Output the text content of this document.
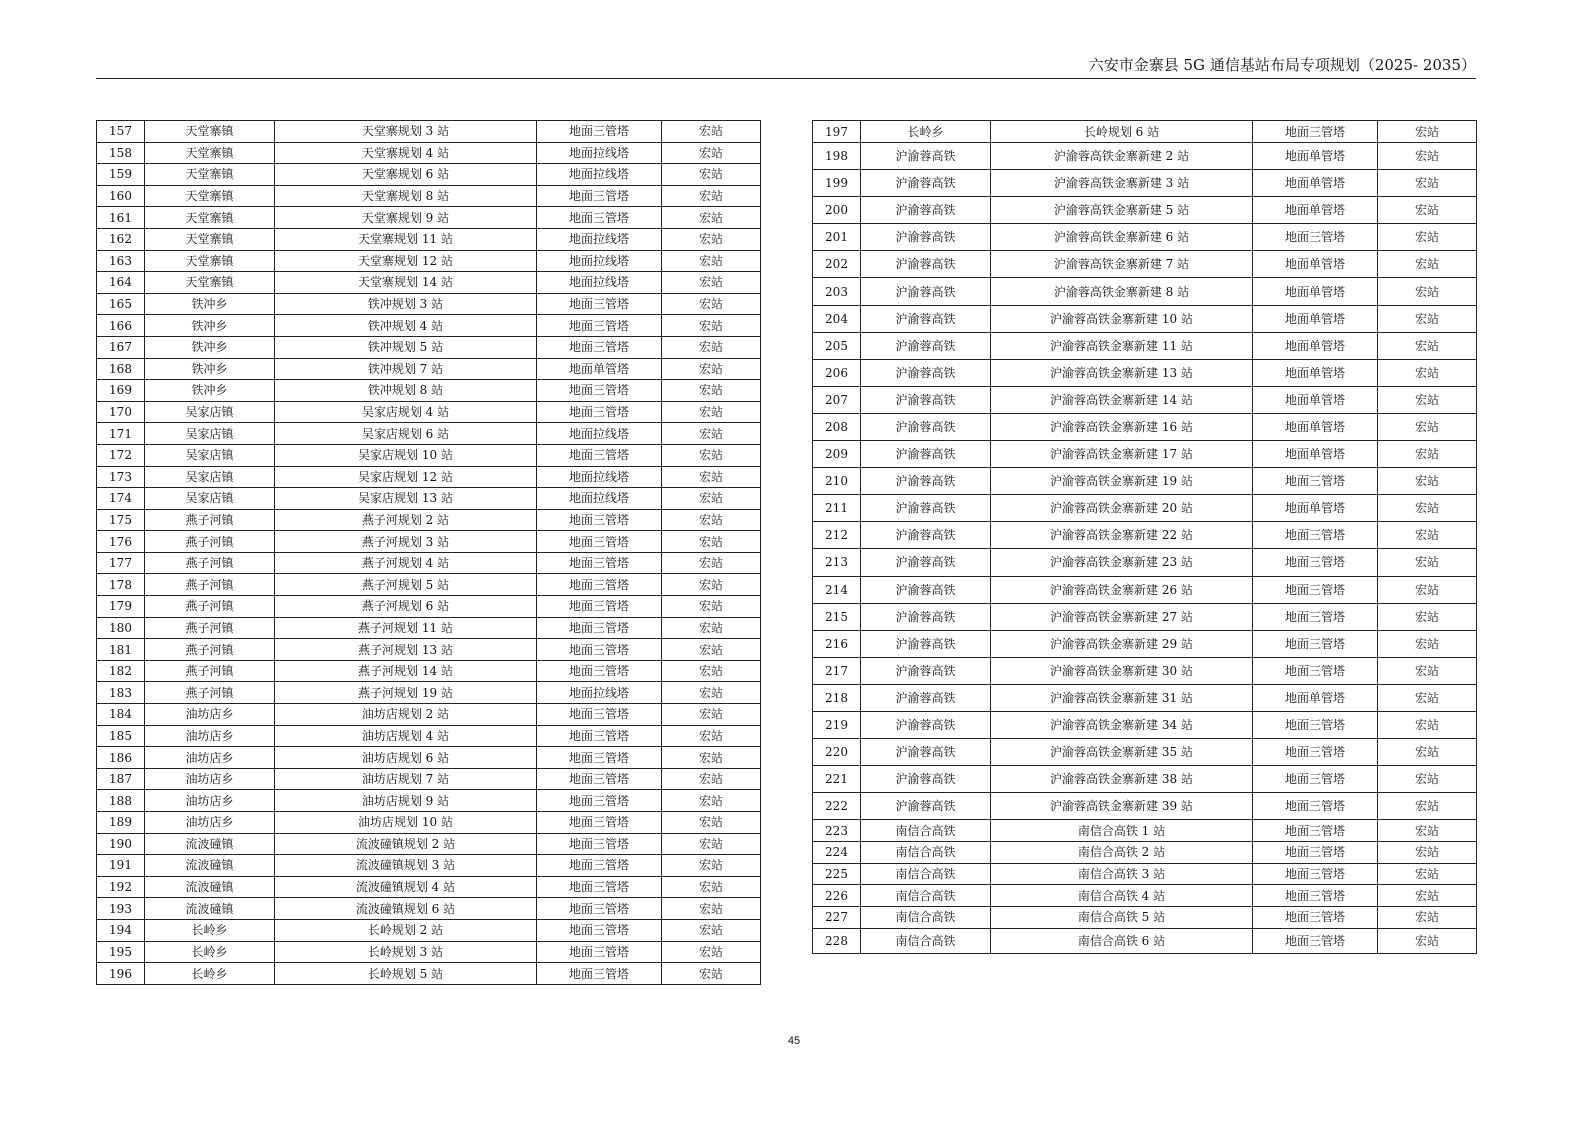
六安市金寨县 5G 通信基站布局专项规划（2025- 2035）
157	天堂寨镇	天堂寨规划 3 站	地面三管塔	宏站
158	天堂寨镇	天堂寨规划 4 站	地面拉线塔	宏站
159	天堂寨镇	天堂寨规划 6 站	地面拉线塔	宏站
160	天堂寨镇	天堂寨规划 8 站	地面三管塔	宏站
161	天堂寨镇	天堂寨规划 9 站	地面三管塔	宏站
162	天堂寨镇	天堂寨规划 11 站	地面拉线塔	宏站
163	天堂寨镇	天堂寨规划 12 站	地面拉线塔	宏站
164	天堂寨镇	天堂寨规划 14 站	地面拉线塔	宏站
165	铁冲乡	铁冲规划 3 站	地面三管塔	宏站
166	铁冲乡	铁冲规划 4 站	地面三管塔	宏站
167	铁冲乡	铁冲规划 5 站	地面三管塔	宏站
168	铁冲乡	铁冲规划 7 站	地面单管塔	宏站
169	铁冲乡	铁冲规划 8 站	地面三管塔	宏站
170	吴家店镇	吴家店规划 4 站	地面三管塔	宏站
171	吴家店镇	吴家店规划 6 站	地面拉线塔	宏站
172	吴家店镇	吴家店规划 10 站	地面三管塔	宏站
173	吴家店镇	吴家店规划 12 站	地面拉线塔	宏站
174	吴家店镇	吴家店规划 13 站	地面拉线塔	宏站
175	燕子河镇	燕子河规划 2 站	地面三管塔	宏站
176	燕子河镇	燕子河规划 3 站	地面三管塔	宏站
177	燕子河镇	燕子河规划 4 站	地面三管塔	宏站
178	燕子河镇	燕子河规划 5 站	地面三管塔	宏站
179	燕子河镇	燕子河规划 6 站	地面三管塔	宏站
180	燕子河镇	燕子河规划 11 站	地面三管塔	宏站
181	燕子河镇	燕子河规划 13 站	地面三管塔	宏站
182	燕子河镇	燕子河规划 14 站	地面三管塔	宏站
183	燕子河镇	燕子河规划 19 站	地面拉线塔	宏站
184	油坊店乡	油坊店规划 2 站	地面三管塔	宏站
185	油坊店乡	油坊店规划 4 站	地面三管塔	宏站
186	油坊店乡	油坊店规划 6 站	地面三管塔	宏站
187	油坊店乡	油坊店规划 7 站	地面三管塔	宏站
188	油坊店乡	油坊店规划 9 站	地面三管塔	宏站
189	油坊店乡	油坊店规划 10 站	地面三管塔	宏站
190	流波䃥镇	流波䃥镇规划 2 站	地面三管塔	宏站
191	流波䃥镇	流波䃥镇规划 3 站	地面三管塔	宏站
192	流波䃥镇	流波䃥镇规划 4 站	地面三管塔	宏站
193	流波䃥镇	流波䃥镇规划 6 站	地面三管塔	宏站
194	长岭乡	长岭规划 2 站	地面三管塔	宏站
195	长岭乡	长岭规划 3 站	地面三管塔	宏站
196	长岭乡	长岭规划 5 站	地面三管塔	宏站
197	长岭乡	长岭规划 6 站	地面三管塔	宏站
198	沪渝蓉高铁	沪渝蓉高铁金寨新建 2 站	地面单管塔	宏站
199	沪渝蓉高铁	沪渝蓉高铁金寨新建 3 站	地面单管塔	宏站
200	沪渝蓉高铁	沪渝蓉高铁金寨新建 5 站	地面单管塔	宏站
201	沪渝蓉高铁	沪渝蓉高铁金寨新建 6 站	地面三管塔	宏站
202	沪渝蓉高铁	沪渝蓉高铁金寨新建 7 站	地面单管塔	宏站
203	沪渝蓉高铁	沪渝蓉高铁金寨新建 8 站	地面单管塔	宏站
204	沪渝蓉高铁	沪渝蓉高铁金寨新建 10 站	地面单管塔	宏站
205	沪渝蓉高铁	沪渝蓉高铁金寨新建 11 站	地面单管塔	宏站
206	沪渝蓉高铁	沪渝蓉高铁金寨新建 13 站	地面单管塔	宏站
207	沪渝蓉高铁	沪渝蓉高铁金寨新建 14 站	地面单管塔	宏站
208	沪渝蓉高铁	沪渝蓉高铁金寨新建 16 站	地面单管塔	宏站
209	沪渝蓉高铁	沪渝蓉高铁金寨新建 17 站	地面单管塔	宏站
210	沪渝蓉高铁	沪渝蓉高铁金寨新建 19 站	地面三管塔	宏站
211	沪渝蓉高铁	沪渝蓉高铁金寨新建 20 站	地面单管塔	宏站
212	沪渝蓉高铁	沪渝蓉高铁金寨新建 22 站	地面三管塔	宏站
213	沪渝蓉高铁	沪渝蓉高铁金寨新建 23 站	地面三管塔	宏站
214	沪渝蓉高铁	沪渝蓉高铁金寨新建 26 站	地面三管塔	宏站
215	沪渝蓉高铁	沪渝蓉高铁金寨新建 27 站	地面三管塔	宏站
216	沪渝蓉高铁	沪渝蓉高铁金寨新建 29 站	地面三管塔	宏站
217	沪渝蓉高铁	沪渝蓉高铁金寨新建 30 站	地面三管塔	宏站
218	沪渝蓉高铁	沪渝蓉高铁金寨新建 31 站	地面单管塔	宏站
219	沪渝蓉高铁	沪渝蓉高铁金寨新建 34 站	地面三管塔	宏站
220	沪渝蓉高铁	沪渝蓉高铁金寨新建 35 站	地面三管塔	宏站
221	沪渝蓉高铁	沪渝蓉高铁金寨新建 38 站	地面三管塔	宏站
222	沪渝蓉高铁	沪渝蓉高铁金寨新建 39 站	地面三管塔	宏站
223	南信合高铁	南信合高铁 1 站	地面三管塔	宏站
224	南信合高铁	南信合高铁 2 站	地面三管塔	宏站
225	南信合高铁	南信合高铁 3 站	地面三管塔	宏站
226	南信合高铁	南信合高铁 4 站	地面三管塔	宏站
227	南信合高铁	南信合高铁 5 站	地面三管塔	宏站
228	南信合高铁	南信合高铁 6 站	地面三管塔	宏站
45
